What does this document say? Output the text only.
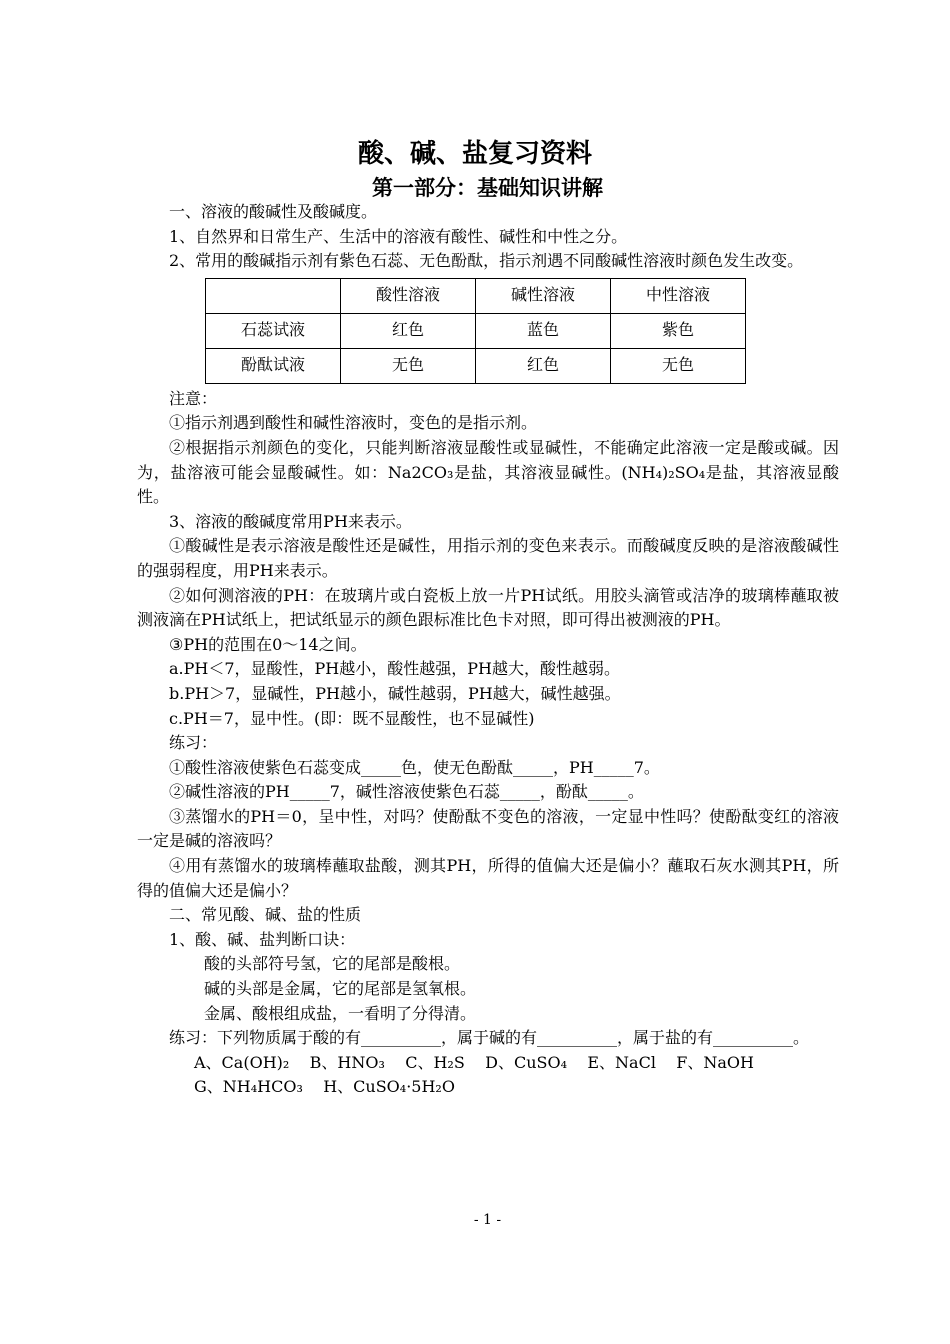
酸、碱、盐复习资料
第一部分：基础知识讲解

一、溶液的酸碱性及酸碱度。

1、自然界和日常生产、生活中的溶液有酸性、碱性和中性之分。

2、常用的酸碱指示剂有紫色石蕊、无色酚酞，指示剂遇不同酸碱性溶液时颜色发生改变。

	酸性溶液	碱性溶液	中性溶液
石蕊试液	红色	蓝色	紫色
酚酞试液	无色	红色	无色

注意：

①指示剂遇到酸性和碱性溶液时，变色的是指示剂。

②根据指示剂颜色的变化，只能判断溶液显酸性或显碱性，不能确定此溶液一定是酸或碱。因为，盐溶液可能会显酸碱性。如：Na2CO₃是盐，其溶液显碱性。(NH₄)₂SO₄是盐，其溶液显酸性。

3、溶液的酸碱度常用PH来表示。

①酸碱性是表示溶液是酸性还是碱性，用指示剂的变色来表示。而酸碱度反映的是溶液酸碱性的强弱程度，用PH来表示。

②如何测溶液的PH：在玻璃片或白瓷板上放一片PH试纸。用胶头滴管或洁净的玻璃棒蘸取被测液滴在PH试纸上，把试纸显示的颜色跟标准比色卡对照，即可得出被测液的PH。

③PH的范围在0～14之间。

a.PH＜7，显酸性，PH越小，酸性越强，PH越大，酸性越弱。

b.PH＞7，显碱性，PH越小，碱性越弱，PH越大，碱性越强。

c.PH＝7，显中性。(即：既不显酸性，也不显碱性)

练习：

①酸性溶液使紫色石蕊变成_____色，使无色酚酞_____，PH_____7。

②碱性溶液的PH_____7，碱性溶液使紫色石蕊_____，酚酞_____。

③蒸馏水的PH＝0，呈中性，对吗？使酚酞不变色的溶液，一定显中性吗？使酚酞变红的溶液一定是碱的溶液吗？

④用有蒸馏水的玻璃棒蘸取盐酸，测其PH，所得的值偏大还是偏小？蘸取石灰水测其PH，所得的值偏大还是偏小？

二、常见酸、碱、盐的性质

1、酸、碱、盐判断口诀：

酸的头部符号氢，它的尾部是酸根。

碱的头部是金属，它的尾部是氢氧根。

金属、酸根组成盐，一看明了分得清。

练习：下列物质属于酸的有__________，属于碱的有__________，属于盐的有__________。

A、Ca(OH)₂    B、HNO₃    C、H₂S    D、CuSO₄    E、NaCl    F、NaOH

G、NH₄HCO₃    H、CuSO₄·5H₂O

- 1 -
